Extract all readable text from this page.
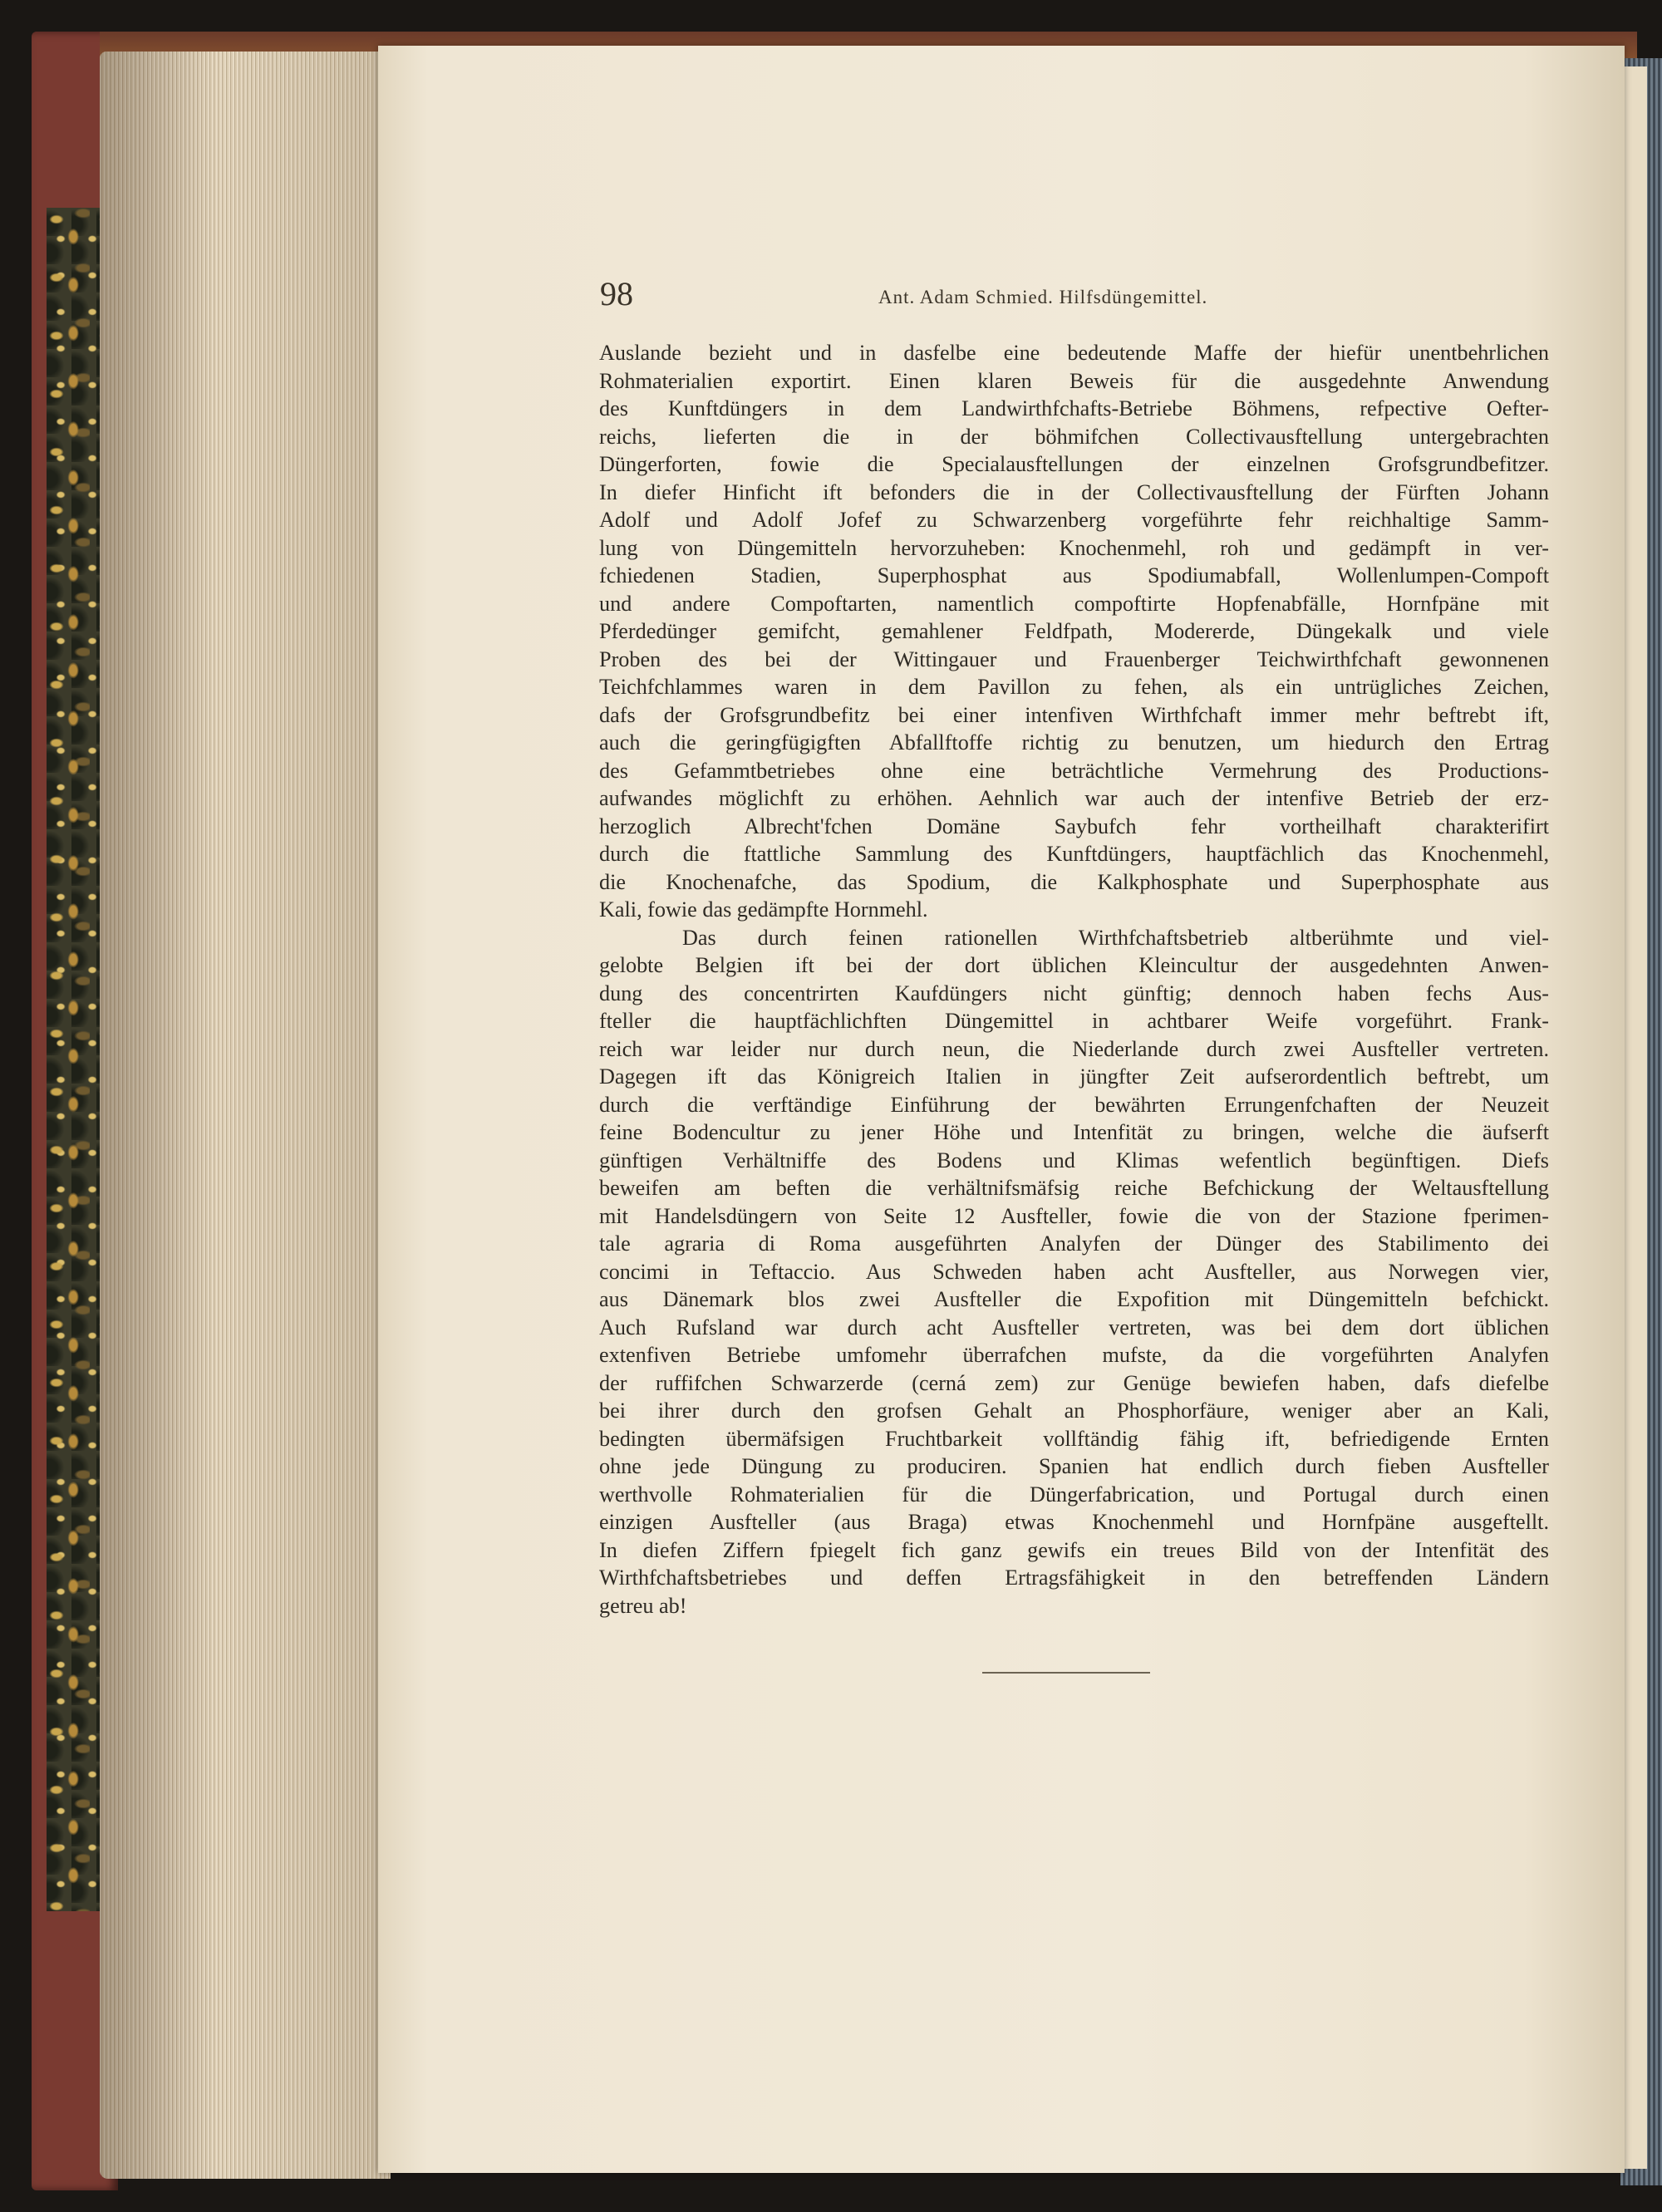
98	Ant. Adam Schmied. Hilfsdüngemittel.

Auslande bezieht und in dasfelbe eine bedeutende Maffe der hiefür unentbehrlichen
Rohmaterialien exportirt. Einen klaren Beweis für die ausgedehnte Anwendung
des Kunftdüngers in dem Landwirthfchafts-Betriebe Böhmens, refpective Oefter-
reichs, lieferten die in der böhmifchen Collectivausftellung untergebrachten
Düngerforten, fowie die Specialausftellungen der einzelnen Grofsgrundbefitzer.
In diefer Hinficht ift befonders die in der Collectivausftellung der Fürften Johann
Adolf und Adolf Jofef zu Schwarzenberg vorgeführte fehr reichhaltige Samm-
lung von Düngemitteln hervorzuheben: Knochenmehl, roh und gedämpft in ver-
fchiedenen Stadien, Superphosphat aus Spodiumabfall, Wollenlumpen-Compoft
und andere Compoftarten, namentlich compoftirte Hopfenabfälle, Hornfpäne mit
Pferdedünger gemifcht, gemahlener Feldfpath, Modererde, Düngekalk und viele
Proben des bei der Wittingauer und Frauenberger Teichwirthfchaft gewonnenen
Teichfchlammes waren in dem Pavillon zu fehen, als ein untrügliches Zeichen,
dafs der Grofsgrundbefitz bei einer intenfiven Wirthfchaft immer mehr beftrebt ift,
auch die geringfügigften Abfallftoffe richtig zu benutzen, um hiedurch den Ertrag
des Gefammtbetriebes ohne eine beträchtliche Vermehrung des Productions-
aufwandes möglichft zu erhöhen. Aehnlich war auch der intenfive Betrieb der erz-
herzoglich Albrecht'fchen Domäne Saybufch fehr vortheilhaft charakterifirt
durch die ftattliche Sammlung des Kunftdüngers, hauptfächlich das Knochenmehl,
die Knochenafche, das Spodium, die Kalkphosphate und Superphosphate aus
Kali, fowie das gedämpfte Hornmehl.

Das durch feinen rationellen Wirthfchaftsbetrieb altberühmte und viel-
gelobte Belgien ift bei der dort üblichen Kleincultur der ausgedehnten Anwen-
dung des concentrirten Kaufdüngers nicht günftig; dennoch haben fechs Aus-
fteller die hauptfächlichften Düngemittel in achtbarer Weife vorgeführt. Frank-
reich war leider nur durch neun, die Niederlande durch zwei Ausfteller vertreten.
Dagegen ift das Königreich Italien in jüngfter Zeit aufserordentlich beftrebt, um
durch die verftändige Einführung der bewährten Errungenfchaften der Neuzeit
feine Bodencultur zu jener Höhe und Intenfität zu bringen, welche die äufserft
günftigen Verhältniffe des Bodens und Klimas wefentlich begünftigen. Diefs
beweifen am beften die verhältnifsmäfsig reiche Befchickung der Weltausftellung
mit Handelsdüngern von Seite 12 Ausfteller, fowie die von der Stazione fperimen-
tale agraria di Roma ausgeführten Analyfen der Dünger des Stabilimento dei
concimi in Teftaccio. Aus Schweden haben acht Ausfteller, aus Norwegen vier,
aus Dänemark blos zwei Ausfteller die Expofition mit Düngemitteln befchickt.
Auch Rufsland war durch acht Ausfteller vertreten, was bei dem dort üblichen
extenfiven Betriebe umfomehr überrafchen mufste, da die vorgeführten Analyfen
der ruffifchen Schwarzerde (cerná zem) zur Genüge bewiefen haben, dafs diefelbe
bei ihrer durch den grofsen Gehalt an Phosphorfäure, weniger aber an Kali,
bedingten übermäfsigen Fruchtbarkeit vollftändig fähig ift, befriedigende Ernten
ohne jede Düngung zu produciren. Spanien hat endlich durch fieben Ausfteller
werthvolle Rohmaterialien für die Düngerfabrication, und Portugal durch einen
einzigen Ausfteller (aus Braga) etwas Knochenmehl und Hornfpäne ausgeftellt.
In diefen Ziffern fpiegelt fich ganz gewifs ein treues Bild von der Intenfität des
Wirthfchaftsbetriebes und deffen Ertragsfähigkeit in den betreffenden Ländern
getreu ab!
